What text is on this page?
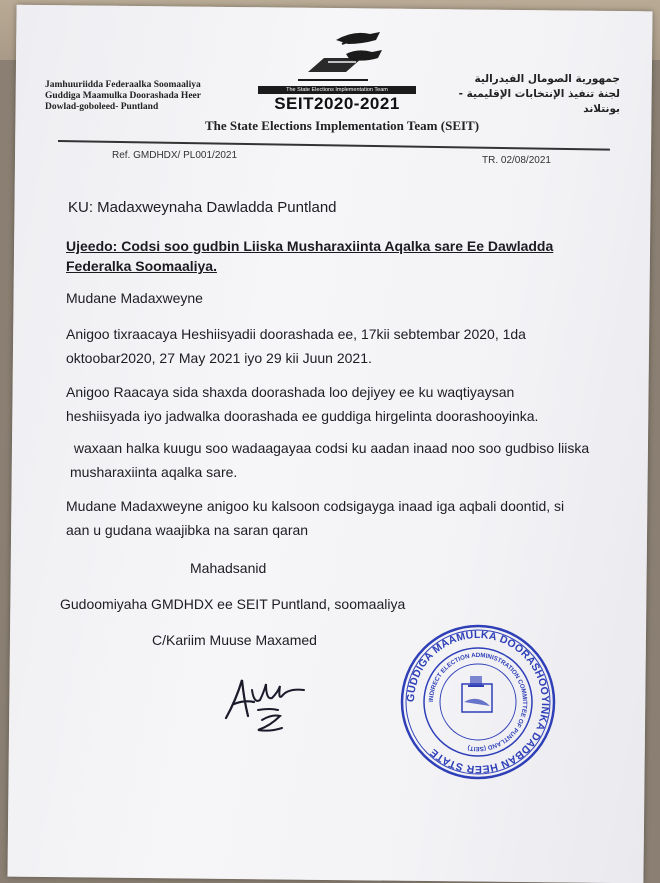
Jamhuuriidda Federaalka Soomaaliya
Guddiga Maamulka Doorashada Heer
Dowlad-goboleed- Puntland
جمهورية الصومال الفيدرالية
لجنة تنفيذ الإنتخابات الإقليمية - بونتلاند
The State Elections Implementation Team
SEIT2020-2021
The State Elections Implementation Team (SEIT)
Ref. GMDHDX/ PL001/2021	TR. 02/08/2021
KU: Madaxweynaha Dawladda Puntland
Ujeedo: Codsi soo gudbin Liiska Musharaxiinta Aqalka sare Ee Dawladda
Federalka Soomaaliya.
Mudane Madaxweyne
Anigoo tixraacaya Heshiisyadii doorashada ee, 17kii sebtembar 2020, 1da
oktoobar2020, 27 May 2021 iyo 29 kii Juun 2021.
Anigoo Raacaya sida shaxda doorashada loo dejiyey ee ku waqtiyaysan
heshiisyada iyo jadwalka doorashada ee guddiga hirgelinta doorashooyinka.
waxaan halka kuugu soo wadaagayaa codsi ku aadan inaad noo soo gudbiso liiska
musharaxiinta aqalka sare.
Mudane Madaxweyne anigoo ku kalsoon codsigayga inaad iga aqbali doontid, si
aan u gudana waajibka na saran qaran
Mahadsanid
Gudoomiyaha GMDHDX ee SEIT Puntland, soomaaliya
C/Kariim Muuse Maxamed
GUDDIGA MAAMULKA DOORASHOOYINKA DADBAN HEER STATE
INDIRECT ELECTION ADMINISTRATION COMMITTEE OF PUNTLAND (SEIT)
